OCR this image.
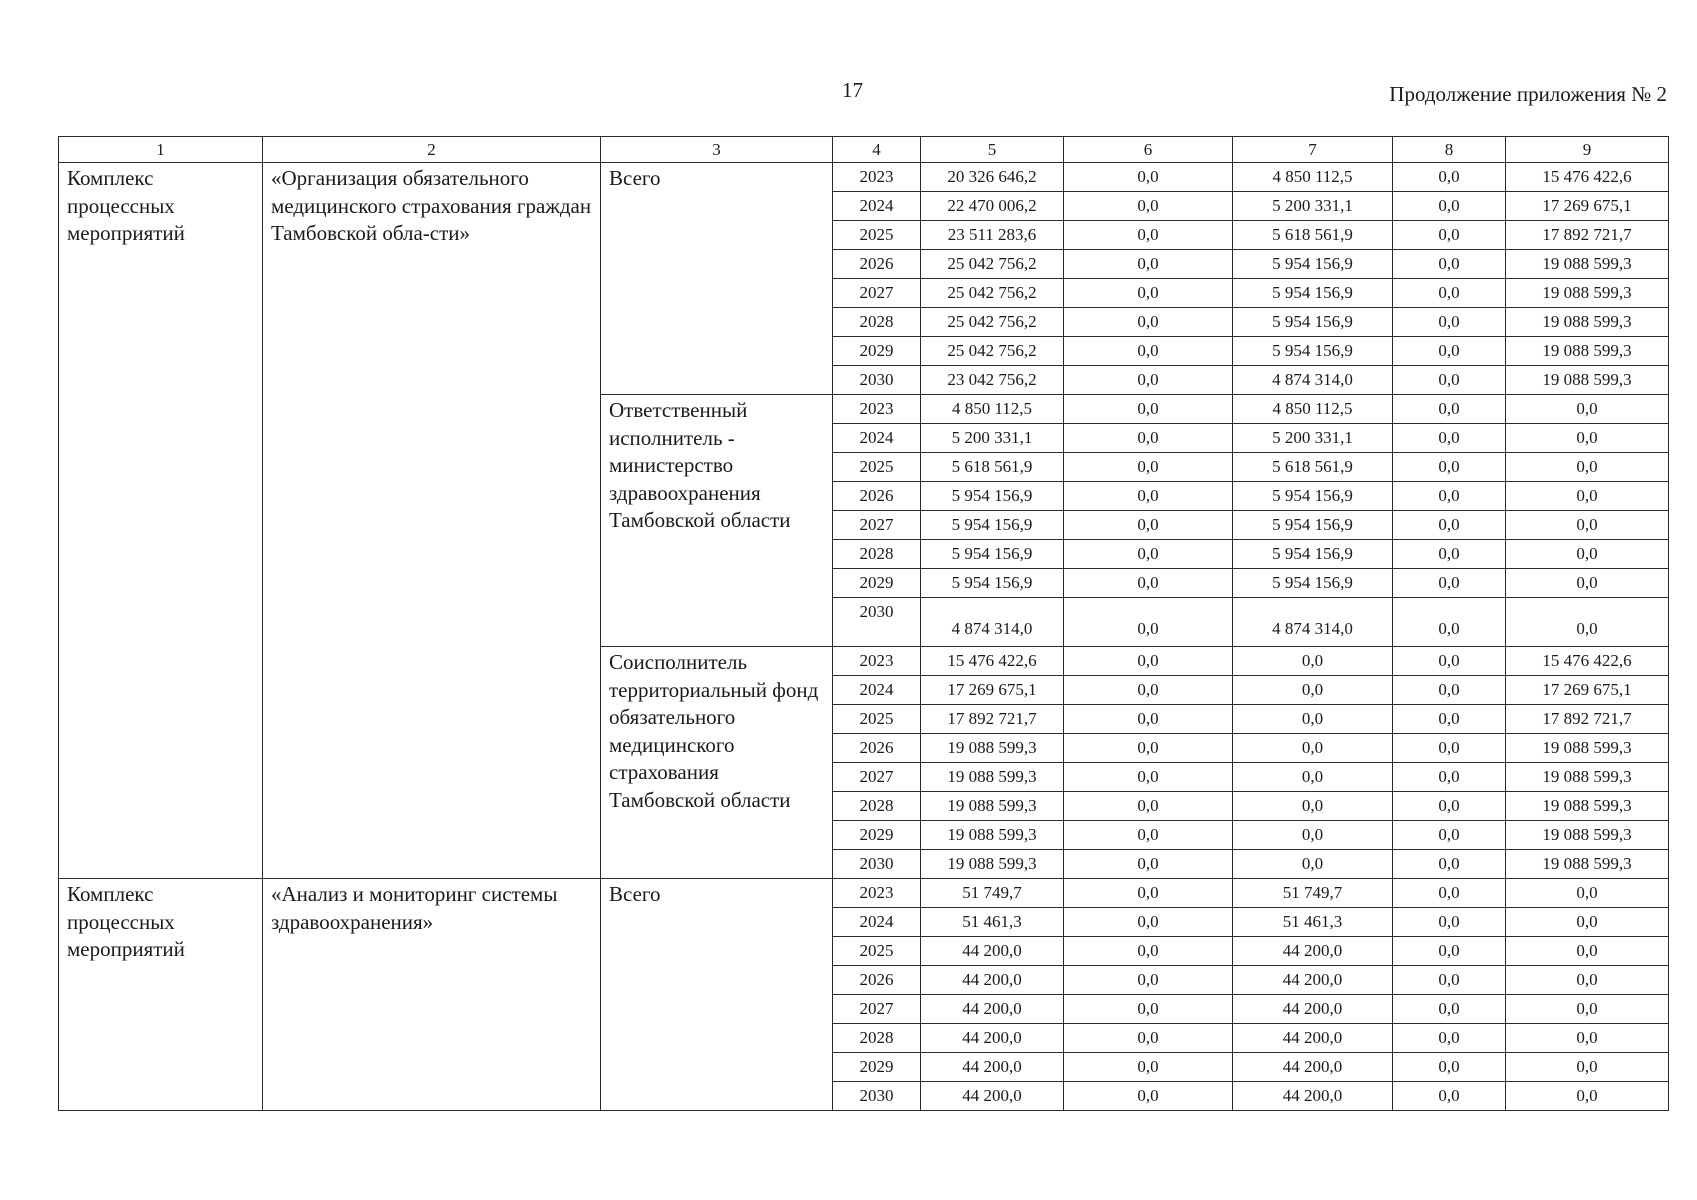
17	Продолжение приложения № 2
1	2	3	4	5	6	7	8	9
Комплекс процессных мероприятий	«Организация обязательного медицинского страхования граждан Тамбовской обла-сти»	Всего	2023	20 326 646,2	0,0	4 850 112,5	0,0	15 476 422,6
			2024	22 470 006,2	0,0	5 200 331,1	0,0	17 269 675,1
			2025	23 511 283,6	0,0	5 618 561,9	0,0	17 892 721,7
			2026	25 042 756,2	0,0	5 954 156,9	0,0	19 088 599,3
			2027	25 042 756,2	0,0	5 954 156,9	0,0	19 088 599,3
			2028	25 042 756,2	0,0	5 954 156,9	0,0	19 088 599,3
			2029	25 042 756,2	0,0	5 954 156,9	0,0	19 088 599,3
			2030	23 042 756,2	0,0	4 874 314,0	0,0	19 088 599,3
		Ответственный исполнитель - министерство здравоохранения Тамбовской области	2023	4 850 112,5	0,0	4 850 112,5	0,0	0,0
			2024	5 200 331,1	0,0	5 200 331,1	0,0	0,0
			2025	5 618 561,9	0,0	5 618 561,9	0,0	0,0
			2026	5 954 156,9	0,0	5 954 156,9	0,0	0,0
			2027	5 954 156,9	0,0	5 954 156,9	0,0	0,0
			2028	5 954 156,9	0,0	5 954 156,9	0,0	0,0
			2029	5 954 156,9	0,0	5 954 156,9	0,0	0,0
			2030	4 874 314,0	0,0	4 874 314,0	0,0	0,0
		Соисполнитель территориальный фонд обязательного медицинского страхования Тамбовской области	2023	15 476 422,6	0,0	0,0	0,0	15 476 422,6
			2024	17 269 675,1	0,0	0,0	0,0	17 269 675,1
			2025	17 892 721,7	0,0	0,0	0,0	17 892 721,7
			2026	19 088 599,3	0,0	0,0	0,0	19 088 599,3
			2027	19 088 599,3	0,0	0,0	0,0	19 088 599,3
			2028	19 088 599,3	0,0	0,0	0,0	19 088 599,3
			2029	19 088 599,3	0,0	0,0	0,0	19 088 599,3
			2030	19 088 599,3	0,0	0,0	0,0	19 088 599,3
Комплекс процессных мероприятий	«Анализ и мониторинг системы здравоохранения»	Всего	2023	51 749,7	0,0	51 749,7	0,0	0,0
			2024	51 461,3	0,0	51 461,3	0,0	0,0
			2025	44 200,0	0,0	44 200,0	0,0	0,0
			2026	44 200,0	0,0	44 200,0	0,0	0,0
			2027	44 200,0	0,0	44 200,0	0,0	0,0
			2028	44 200,0	0,0	44 200,0	0,0	0,0
			2029	44 200,0	0,0	44 200,0	0,0	0,0
			2030	44 200,0	0,0	44 200,0	0,0	0,0
